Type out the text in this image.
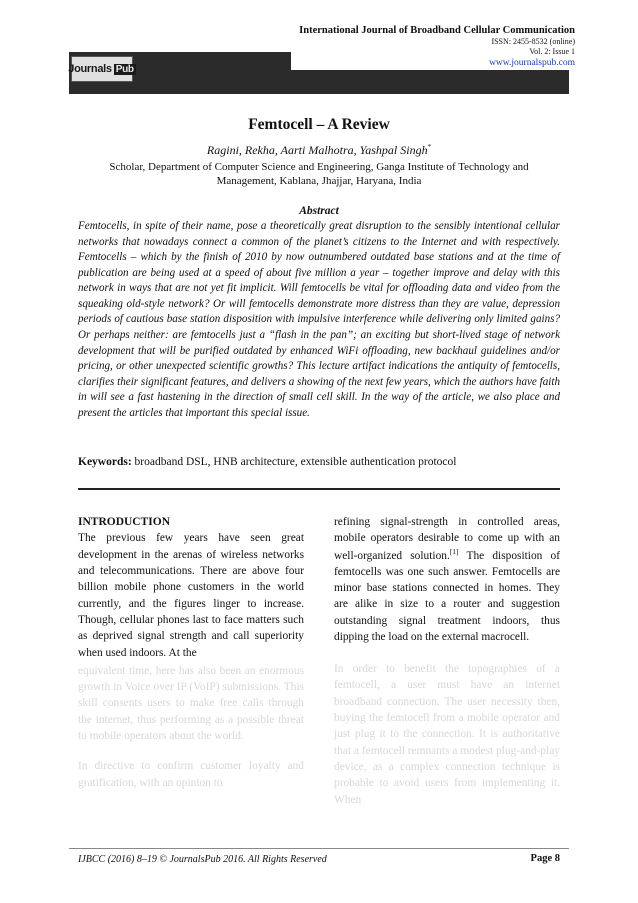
Journals Pub
International Journal of Broadband Cellular Communication
ISSN: 2455-8532 (online)
Vol. 2: Issue 1
www.journalspub.com
Femtocell – A Review
Ragini, Rekha, Aarti Malhotra, Yashpal Singh*
Scholar, Department of Computer Science and Engineering, Ganga Institute of Technology and Management, Kablana, Jhajjar, Haryana, India
Abstract
Femtocells, in spite of their name, pose a theoretically great disruption to the sensibly intentional cellular networks that nowadays connect a common of the planet’s citizens to the Internet and with respectively. Femtocells – which by the finish of 2010 by now outnumbered outdated base stations and at the time of publication are being used at a speed of about five million a year – together improve and delay with this network in ways that are not yet fit implicit. Will femtocells be vital for offloading data and video from the squeaking old-style network? Or will femtocells demonstrate more distress than they are value, depression periods of cautious base station disposition with impulsive interference while delivering only limited gains? Or perhaps neither: are femtocells just a “flash in the pan”; an exciting but short-lived stage of network development that will be purified outdated by enhanced WiFi offloading, new backhaul guidelines and/or pricing, or other unexpected scientific growths? This lecture artifact indications the antiquity of femtocells, clarifies their significant features, and delivers a showing of the next few years, which the authors have faith in will see a fast hastening in the direction of small cell skill. In the way of the article, we also place and present the articles that important this special issue.
Keywords: broadband DSL, HNB architecture, extensible authentication protocol

INTRODUCTION

The previous few years have seen great development in the arenas of wireless networks and telecommunications. There are above four billion mobile phone customers in the world currently, and the figures linger to increase. Though, cellular phones last to face matters such as deprived signal strength and call superiority when used indoors. At the

equivalent time, here has also been an enormous growth in Voice over IP (VoIP) submissions. This skill consents users to make free calls through the internet, thus performing as a possible threat to mobile operators about the world.

In directive to confirm customer loyalty and gratification, with an opinion to

refining signal-strength in controlled areas, mobile operators desirable to come up with an well-organized solution.[1] The disposition of femtocells was one such answer. Femtocells are minor base stations connected in homes. They are alike in size to a router and suggestion outstanding signal treatment indoors, thus dipping the load on the external macrocell.

In order to benefit the topographies of a femtocell, a user must have an internet broadband connection. The user necessity then, buying the femtocell from a mobile operator and just plug it to the connection. It is authoritative that a femtocell remnants a modest plug-and-play device, as a complex connection technique is probable to avoid users from implementing it. When

IJBCC (2016) 8–19 © JournalsPub 2016. All Rights Reserved	Page 8
